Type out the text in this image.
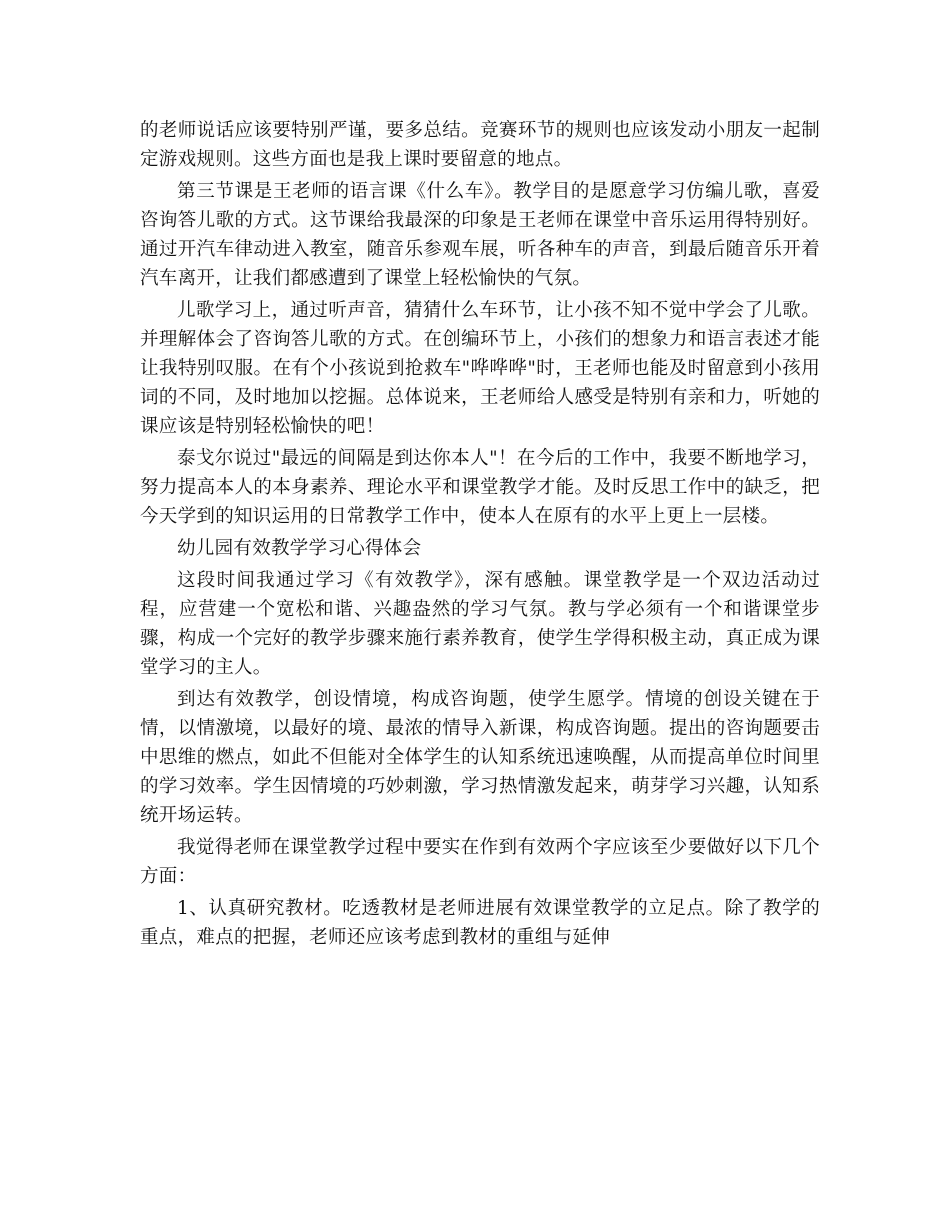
的老师说话应该要特别严谨，要多总结。竞赛环节的规则也应该发动小朋友一起制定游戏规则。这些方面也是我上课时要留意的地点。

第三节课是王老师的语言课《什么车》。教学目的是愿意学习仿编儿歌，喜爱咨询答儿歌的方式。这节课给我最深的印象是王老师在课堂中音乐运用得特别好。通过开汽车律动进入教室，随音乐参观车展，听各种车的声音，到最后随音乐开着汽车离开，让我们都感遭到了课堂上轻松愉快的气氛。

儿歌学习上，通过听声音，猜猜什么车环节，让小孩不知不觉中学会了儿歌。并理解体会了咨询答儿歌的方式。在创编环节上，小孩们的想象力和语言表述才能让我特别叹服。在有个小孩说到抢救车"哗哗哗"时，王老师也能及时留意到小孩用词的不同，及时地加以挖掘。总体说来，王老师给人感受是特别有亲和力，听她的课应该是特别轻松愉快的吧！

泰戈尔说过"最远的间隔是到达你本人"！在今后的工作中，我要不断地学习，努力提高本人的本身素养、理论水平和课堂教学才能。及时反思工作中的缺乏，把今天学到的知识运用的日常教学工作中，使本人在原有的水平上更上一层楼。

幼儿园有效教学学习心得体会

这段时间我通过学习《有效教学》，深有感触。课堂教学是一个双边活动过程，应营建一个宽松和谐、兴趣盎然的学习气氛。教与学必须有一个和谐课堂步骤，构成一个完好的教学步骤来施行素养教育，使学生学得积极主动，真正成为课堂学习的主人。

到达有效教学，创设情境，构成咨询题，使学生愿学。情境的创设关键在于情，以情激境，以最好的境、最浓的情导入新课，构成咨询题。提出的咨询题要击中思维的燃点，如此不但能对全体学生的认知系统迅速唤醒，从而提高单位时间里的学习效率。学生因情境的巧妙刺激，学习热情激发起来，萌芽学习兴趣，认知系统开场运转。

我觉得老师在课堂教学过程中要实在作到有效两个字应该至少要做好以下几个方面：

1、认真研究教材。吃透教材是老师进展有效课堂教学的立足点。除了教学的重点，难点的把握，老师还应该考虑到教材的重组与延伸
